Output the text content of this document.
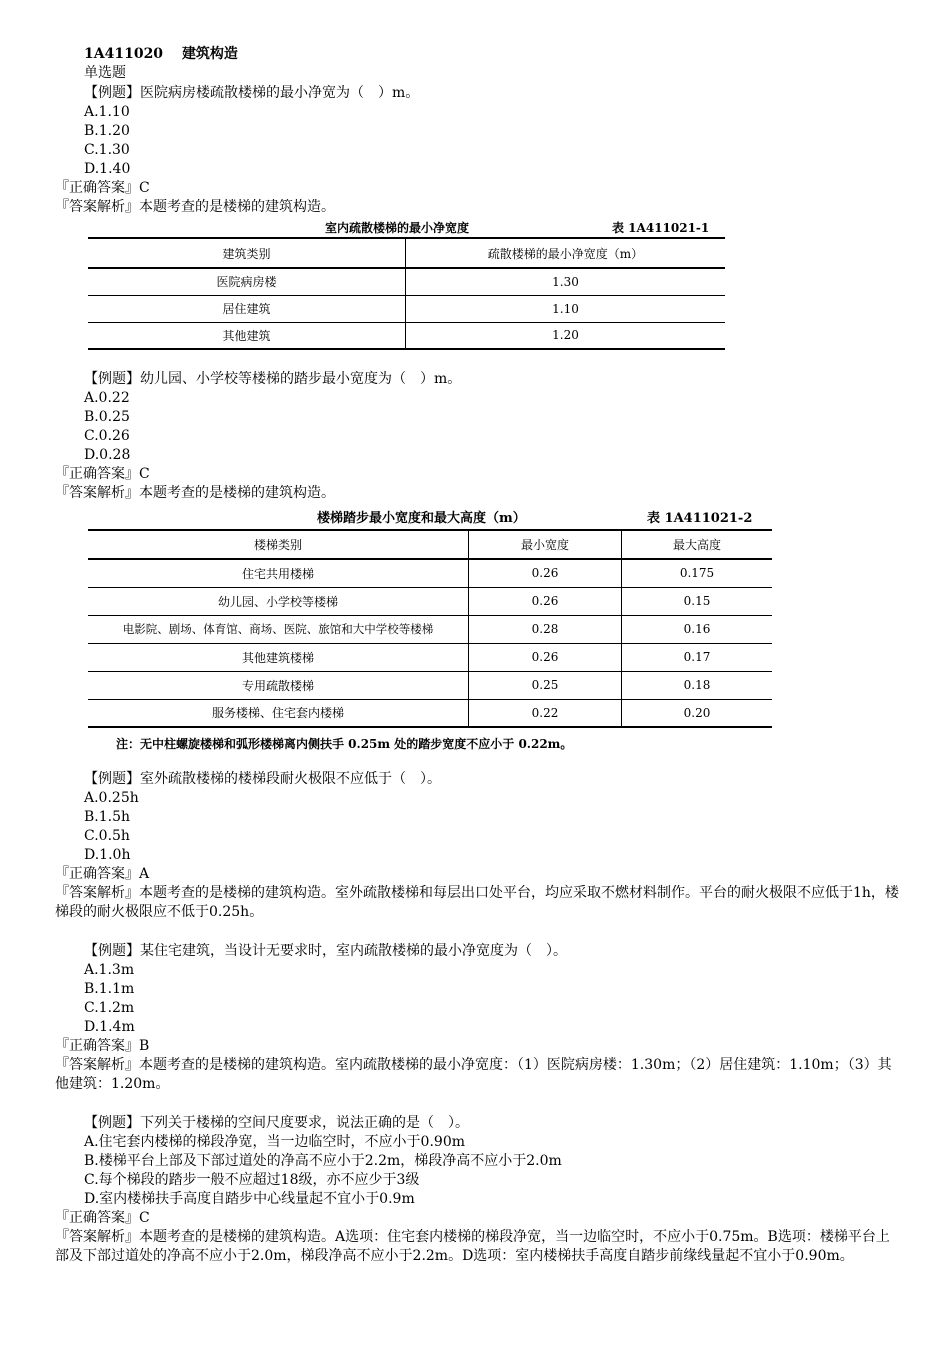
1A411020　 建筑构造
单选题
【例题】医院病房楼疏散楼梯的最小净宽为（　）m。
A.1.10
B.1.20
C.1.30
D.1.40
『正确答案』C
『答案解析』本题考查的是楼梯的建筑构造。
室内疏散楼梯的最小净宽度	表 1A411021-1
建筑类别	疏散楼梯的最小净宽度（m）
医院病房楼	1.30
居住建筑	1.10
其他建筑	1.20
【例题】幼儿园、小学校等楼梯的踏步最小宽度为（　）m。
A.0.22
B.0.25
C.0.26
D.0.28
『正确答案』C
『答案解析』本题考查的是楼梯的建筑构造。
楼梯踏步最小宽度和最大高度（m）	表 1A411021-2
楼梯类别	最小宽度	最大高度
住宅共用楼梯	0.26	0.175
幼儿园、小学校等楼梯	0.26	0.15
电影院、剧场、体育馆、商场、医院、旅馆和大中学校等楼梯	0.28	0.16
其他建筑楼梯	0.26	0.17
专用疏散楼梯	0.25	0.18
服务楼梯、住宅套内楼梯	0.22	0.20
注：无中柱螺旋楼梯和弧形楼梯离内侧扶手 0.25m 处的踏步宽度不应小于 0.22m。
【例题】室外疏散楼梯的楼梯段耐火极限不应低于（　）。
A.0.25h
B.1.5h
C.0.5h
D.1.0h
『正确答案』A
『答案解析』本题考查的是楼梯的建筑构造。室外疏散楼梯和每层出口处平台，均应采取不燃材料制作。平台的耐火极限不应低于1h，楼梯段的耐火极限应不低于0.25h。
【例题】某住宅建筑，当设计无要求时，室内疏散楼梯的最小净宽度为（　）。
A.1.3m
B.1.1m
C.1.2m
D.1.4m
『正确答案』B
『答案解析』本题考查的是楼梯的建筑构造。室内疏散楼梯的最小净宽度：（1）医院病房楼：1.30m；（2）居住建筑：1.10m；（3）其他建筑：1.20m。
【例题】下列关于楼梯的空间尺度要求，说法正确的是（　）。
A.住宅套内楼梯的梯段净宽，当一边临空时，不应小于0.90m
B.楼梯平台上部及下部过道处的净高不应小于2.2m，梯段净高不应小于2.0m
C.每个梯段的踏步一般不应超过18级，亦不应少于3级
D.室内楼梯扶手高度自踏步中心线量起不宜小于0.9m
『正确答案』C
『答案解析』本题考查的是楼梯的建筑构造。A选项：住宅套内楼梯的梯段净宽，当一边临空时，不应小于0.75m。B选项：楼梯平台上部及下部过道处的净高不应小于2.0m，梯段净高不应小于2.2m。D选项：室内楼梯扶手高度自踏步前缘线量起不宜小于0.90m。
